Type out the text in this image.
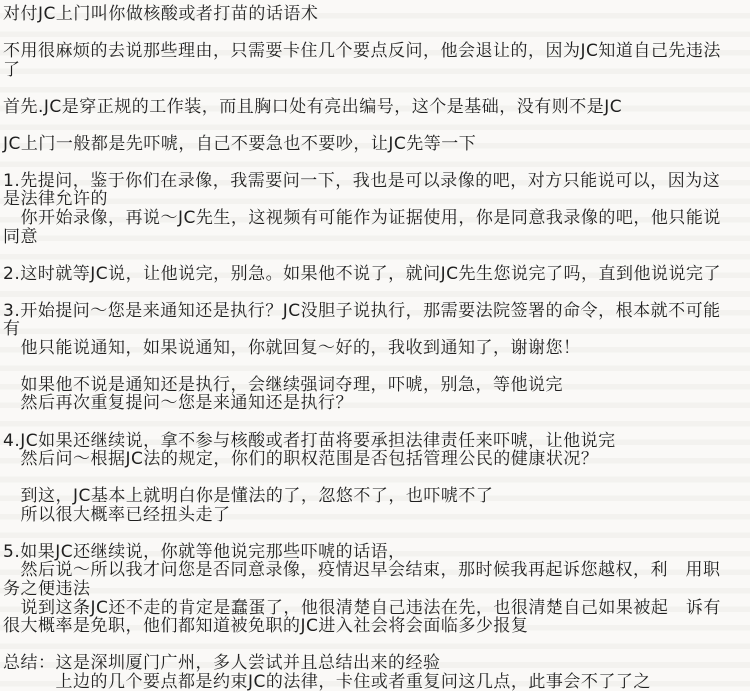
对付JC上门叫你做核酸或者打苗的话语术
不用很麻烦的去说那些理由，只需要卡住几个要点反问，他会退让的，因为JC知道自己先违法
了
首先.JC是穿正规的工作装，而且胸口处有亮出编号，这个是基础，没有则不是JC
JC上门一般都是先吓唬，自己不要急也不要吵，让JC先等一下
1.先提问，鉴于你们在录像，我需要问一下，我也是可以录像的吧，对方只能说可以，因为这
是法律允许的
　你开始录像，再说～JC先生，这视频有可能作为证据使用，你是同意我录像的吧，他只能说
同意
2.这时就等JC说，让他说完，别急。如果他不说了，就问JC先生您说完了吗，直到他说说完了
3.开始提问～您是来通知还是执行？JC没胆子说执行，那需要法院签署的命令，根本就不可能
有
　他只能说通知，如果说通知，你就回复～好的，我收到通知了，谢谢您！
　如果他不说是通知还是执行，会继续强词夺理，吓唬，别急，等他说完
　然后再次重复提问～您是来通知还是执行？
4.JC如果还继续说，拿不参与核酸或者打苗将要承担法律责任来吓唬，让他说完
　然后问～根据JC法的规定，你们的职权范围是否包括管理公民的健康状况？
　到这，JC基本上就明白你是懂法的了，忽悠不了，也吓唬不了
　所以很大概率已经扭头走了
5.如果JC还继续说，你就等他说完那些吓唬的话语，
　然后说～所以我才问您是否同意录像，疫情迟早会结束，那时候我再起诉您越权，利　用职
务之便违法
　说到这条JC还不走的肯定是蠢蛋了，他很清楚自己违法在先，也很清楚自己如果被起　诉有
很大概率是免职，他们都知道被免职的JC进入社会将会面临多少报复
总结：这是深圳厦门广州，多人尝试并且总结出来的经验
　　　上边的几个要点都是约束JC的法律，卡住或者重复问这几点，此事会不了了之
